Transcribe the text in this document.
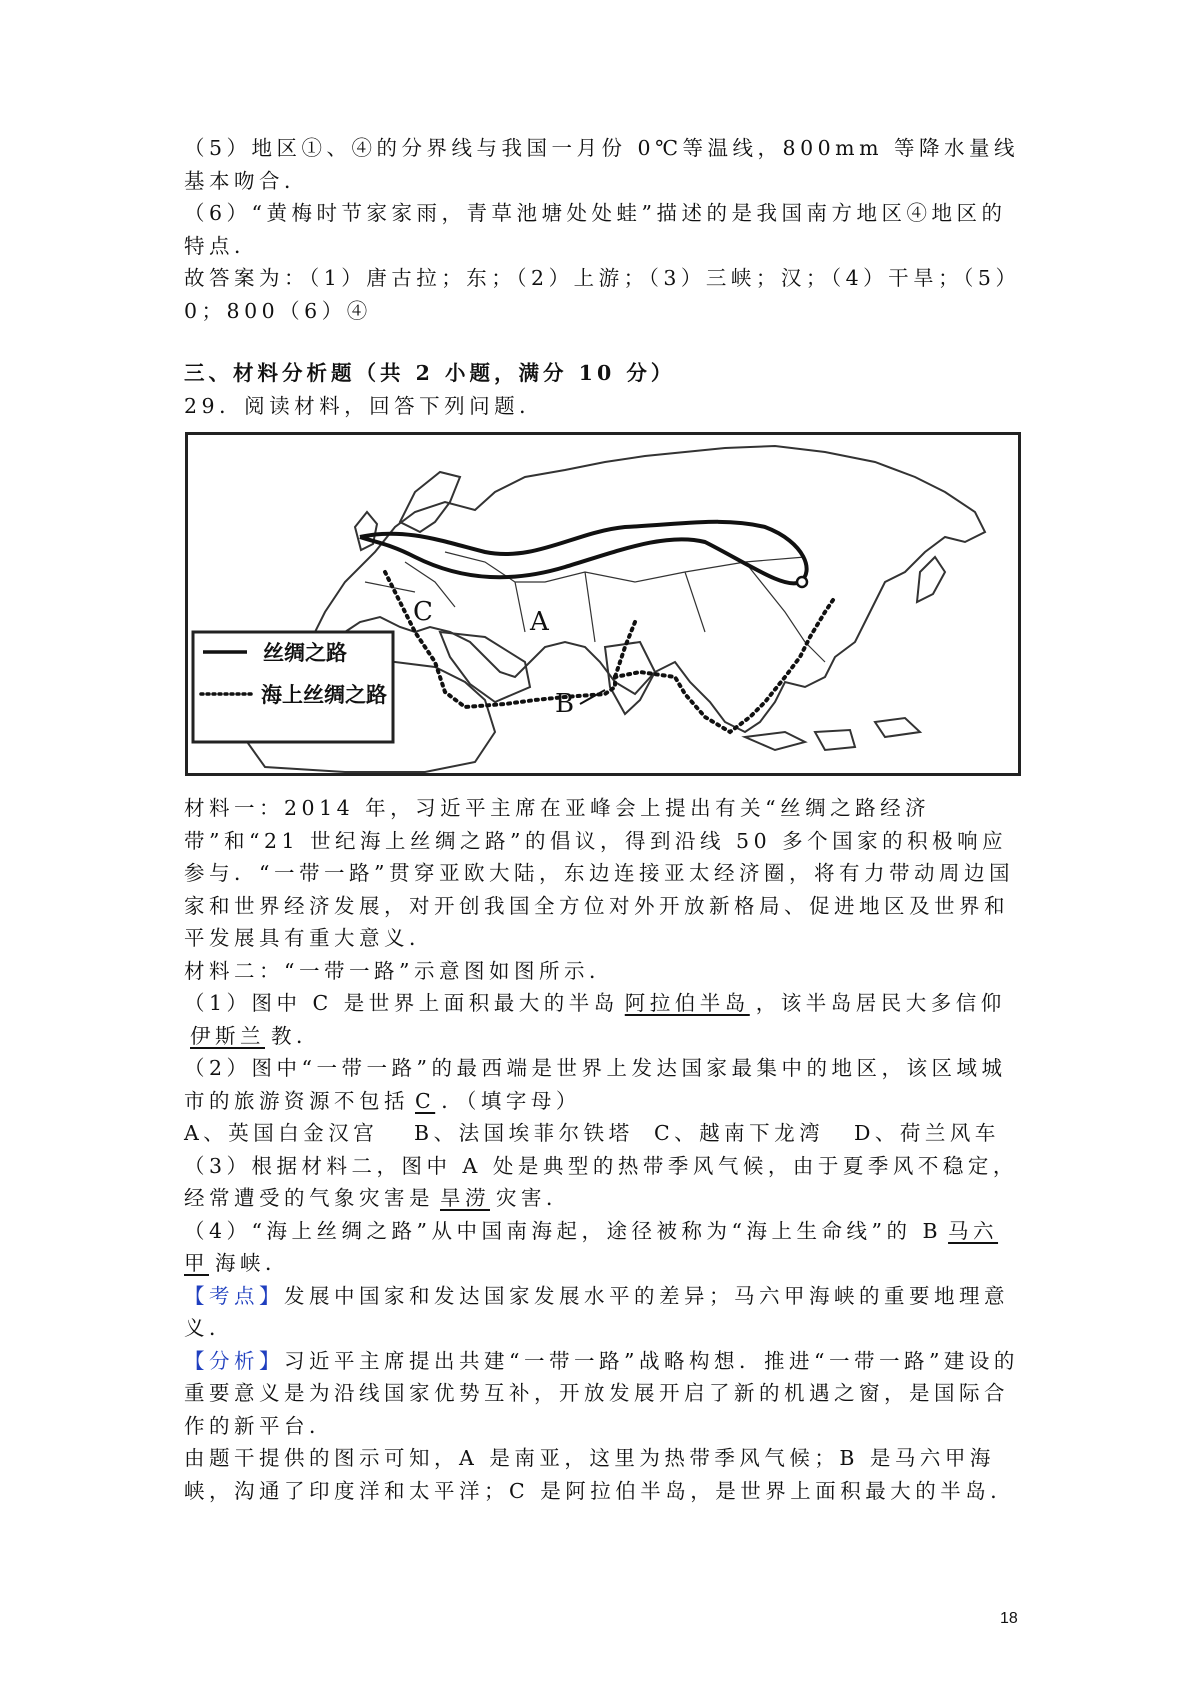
（5）地区①、④的分界线与我国一月份 0℃等温线，800mm 等降水量线基本吻合．

（6）“黄梅时节家家雨，青草池塘处处蛙”描述的是我国南方地区④地区的特点．

故答案为：（1）唐古拉；东；（2）上游；（3）三峡；汉；（4）干旱；（5）0；800（6）④

三、材料分析题（共 2 小题，满分 10 分）

29．阅读材料，回答下列问题．

C	A
B
丝绸之路
海上丝绸之路

材料一：2014 年，习近平主席在亚峰会上提出有关“丝绸之路经济带”和“21 世纪海上丝绸之路”的倡议，得到沿线 50 多个国家的积极响应参与．“一带一路”贯穿亚欧大陆，东边连接亚太经济圈，将有力带动周边国家和世界经济发展，对开创我国全方位对外开放新格局、促进地区及世界和平发展具有重大意义．

材料二：“一带一路”示意图如图所示．

（1）图中 C 是世界上面积最大的半岛 阿拉伯半岛 ，该半岛居民大多信仰伊斯兰 教．

（2）图中“一带一路”的最西端是世界上发达国家最集中的地区，该区域城市的旅游资源不包括 C ．（填字母）

A、英国白金汉宫 B、法国埃菲尔铁塔 C、越南下龙湾 D、荷兰风车

（3）根据材料二，图中 A 处是典型的热带季风气候，由于夏季风不稳定，经常遭受的气象灾害是 旱涝 灾害．

（4）“海上丝绸之路”从中国南海起，途径被称为“海上生命线”的 B 马六甲 海峡．

【考点】发展中国家和发达国家发展水平的差异；马六甲海峡的重要地理意义．

【分析】习近平主席提出共建“一带一路”战略构想．推进“一带一路”建设的重要意义是为沿线国家优势互补，开放发展开启了新的机遇之窗，是国际合作的新平台．

由题干提供的图示可知，A 是南亚，这里为热带季风气候；B 是马六甲海峡，沟通了印度洋和太平洋；C 是阿拉伯半岛，是世界上面积最大的半岛．

18
